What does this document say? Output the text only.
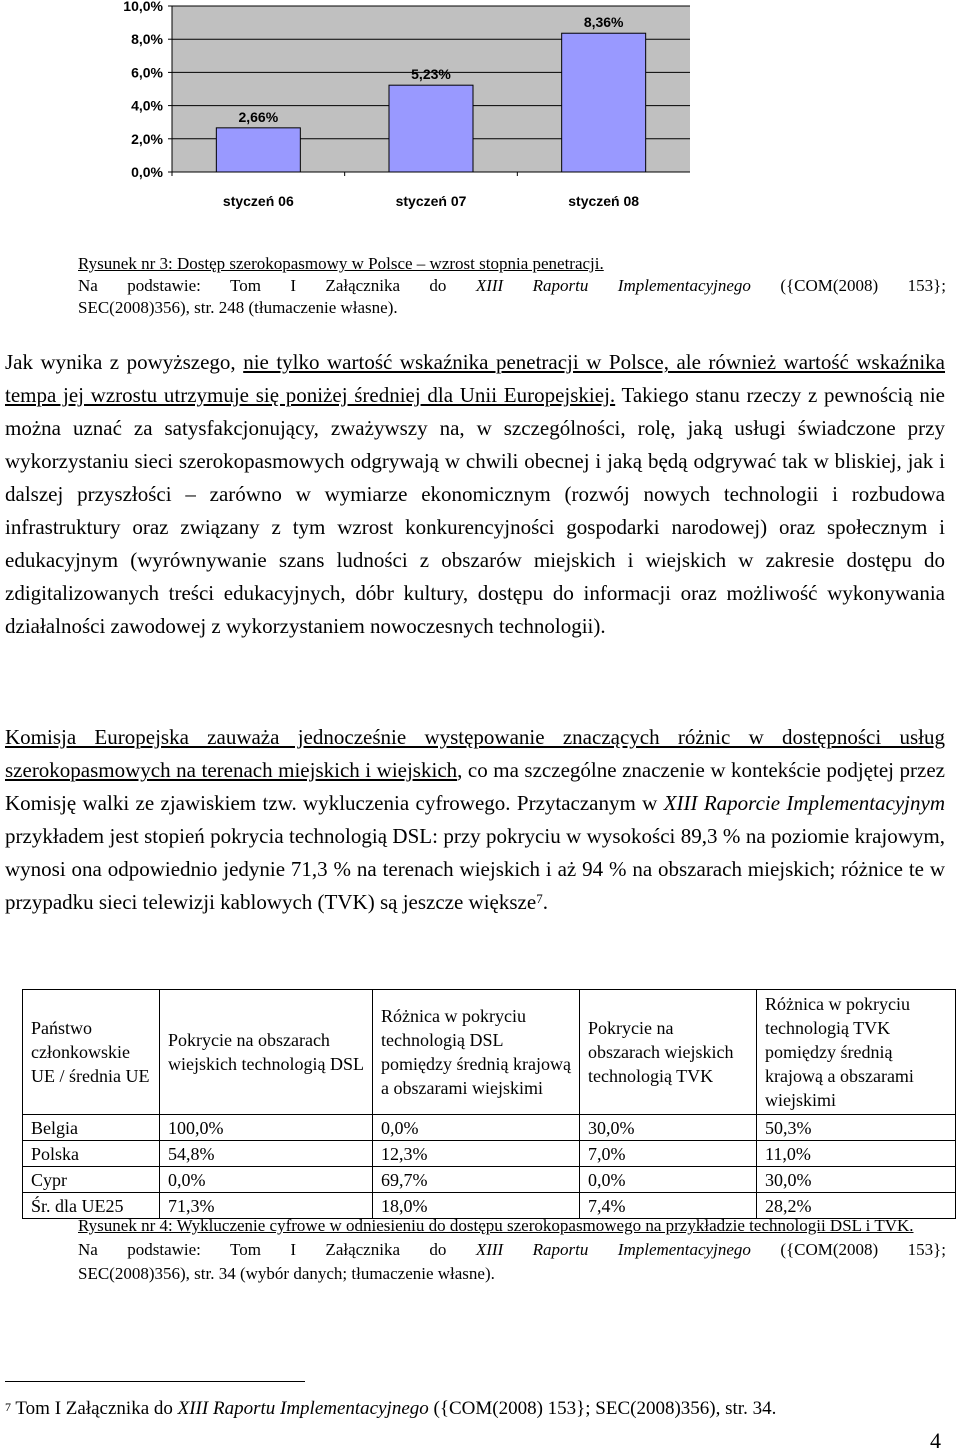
0,0%
2,0%
4,0%
6,0%
8,0%
10,0%
2,66%
5,23%
8,36%
styczeń 06	styczeń 07	styczeń 08
Rysunek nr 3: Dostęp szerokopasmowy w Polsce – wzrost stopnia penetracji.
Na podstawie: Tom I Załącznika do XIII Raportu Implementacyjnego ({COM(2008) 153};
SEC(2008)356), str. 248 (tłumaczenie własne).
Jak wynika z powyższego, nie tylko wartość wskaźnika penetracji w Polsce, ale również wartość wskaźnika tempa jej wzrostu utrzymuje się poniżej średniej dla Unii Europejskiej. Takiego stanu rzeczy z pewnością nie można uznać za satysfakcjonujący, zważywszy na, w szczególności, rolę, jaką usługi świadczone przy wykorzystaniu sieci szerokopasmowych odgrywają w chwili obecnej i jaką będą odgrywać tak w bliskiej, jak i dalszej przyszłości – zarówno w wymiarze ekonomicznym (rozwój nowych technologii i rozbudowa infrastruktury oraz związany z tym wzrost konkurencyjności gospodarki narodowej) oraz społecznym i edukacyjnym (wyrównywanie szans ludności z obszarów miejskich i wiejskich w zakresie dostępu do zdigitalizowanych treści edukacyjnych, dóbr kultury, dostępu do informacji oraz możliwość wykonywania działalności zawodowej z wykorzystaniem nowoczesnych technologii).
Komisja Europejska zauważa jednocześnie występowanie znaczących różnic w dostępności usług szerokopasmowych na terenach miejskich i wiejskich, co ma szczególne znaczenie w kontekście podjętej przez Komisję walki ze zjawiskiem tzw. wykluczenia cyfrowego. Przytaczanym w XIII Raporcie Implementacyjnym przykładem jest stopień pokrycia technologią DSL: przy pokryciu w wysokości 89,3 % na poziomie krajowym, wynosi ona odpowiednio jedynie 71,3 % na terenach wiejskich i aż 94 % na obszarach miejskich; różnice te w przypadku sieci telewizji kablowych (TVK) są jeszcze większe$^7$.
Państwo członkowskie UE / średnia UE	Pokrycie na obszarach wiejskich technologią DSL	Różnica w pokryciu technologią DSL pomiędzy średnią krajową a obszarami wiejskimi	Pokrycie na obszarach wiejskich technologią TVK	Różnica w pokryciu technologią TVK pomiędzy średnią krajową a obszarami wiejskimi
Belgia	100,0%	0,0%	30,0%	50,3%
Polska	54,8%	12,3%	7,0%	11,0%
Cypr	0,0%	69,7%	0,0%	30,0%
Śr. dla UE25	71,3%	18,0%	7,4%	28,2%
Rysunek nr 4: Wykluczenie cyfrowe w odniesieniu do dostępu szerokopasmowego na przykładzie technologii DSL i TVK.
Na podstawie: Tom I Załącznika do XIII Raportu Implementacyjnego ({COM(2008) 153};
SEC(2008)356), str. 34 (wybór danych; tłumaczenie własne).
$^7$ Tom I Załącznika do XIII Raportu Implementacyjnego ({COM(2008) 153}; SEC(2008)356), str. 34.
4
